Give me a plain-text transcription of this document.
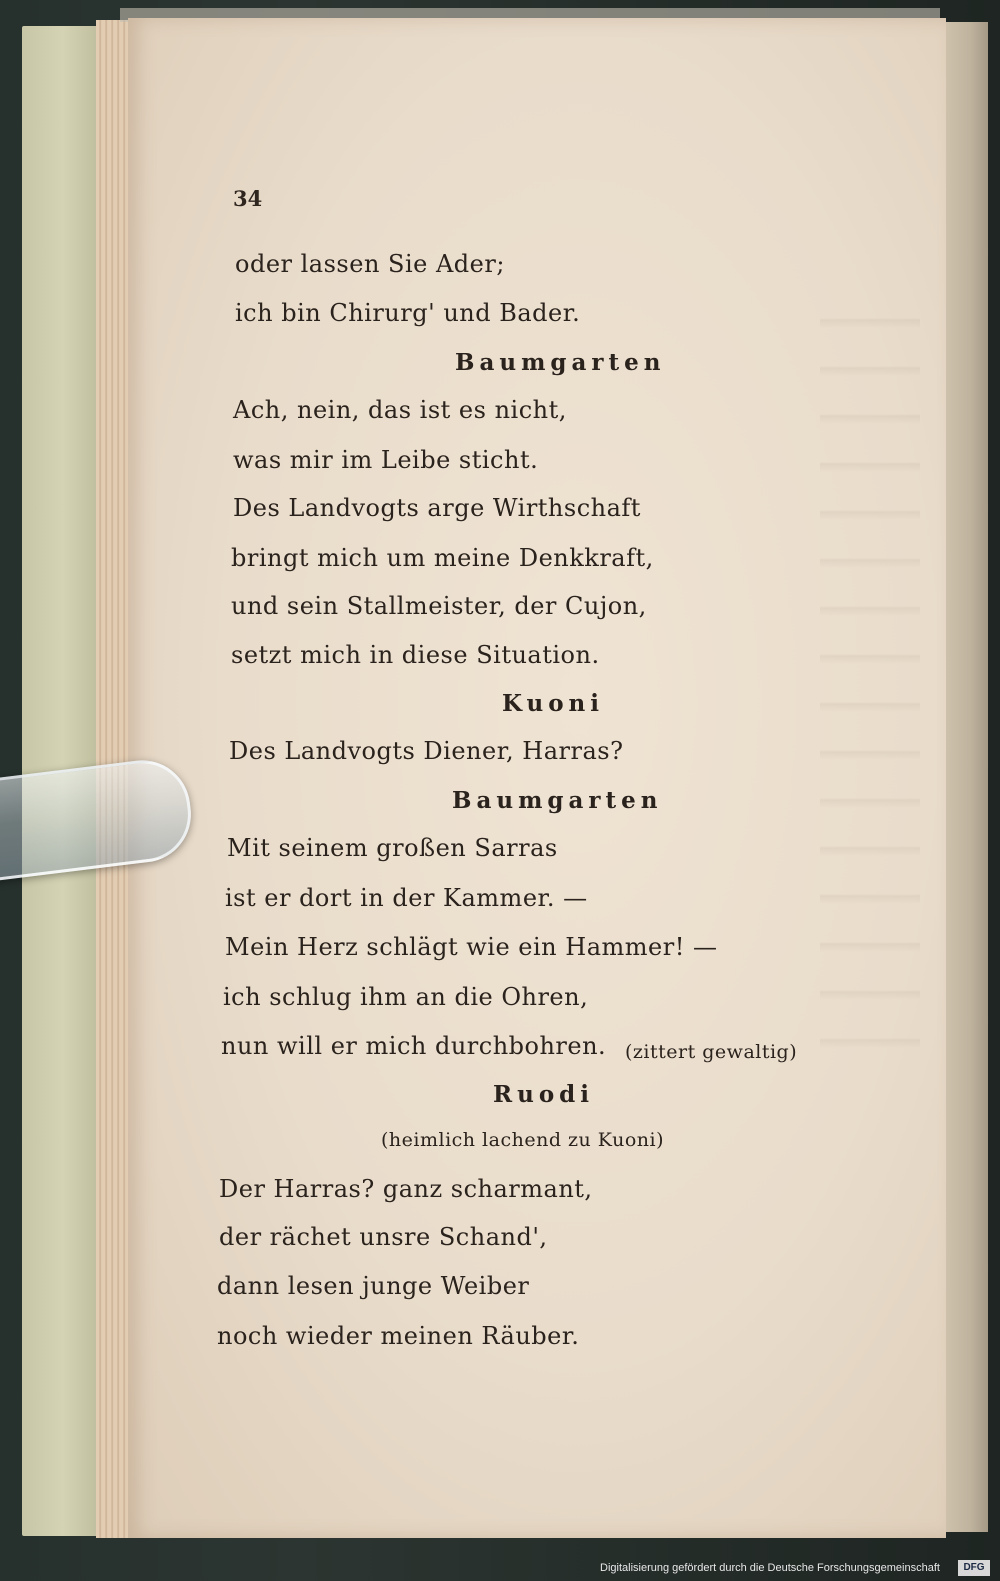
34
oder lassen Sie Ader;
ich bin Chirurg' und Bader.
Baumgarten
Ach, nein, das ist es nicht,
was mir im Leibe sticht.
Des Landvogts arge Wirthschaft
bringt mich um meine Denkkraft,
und sein Stallmeister, der Cujon,
setzt mich in diese Situation.
Kuoni
Des Landvogts Diener, Harras?
Baumgarten
Mit seinem großen Sarras
ist er dort in der Kammer. —
Mein Herz schlägt wie ein Hammer! —
ich schlug ihm an die Ohren,
nun will er mich durchbohren. (zittert gewaltig)
Ruodi
(heimlich lachend zu Kuoni)
Der Harras? ganz scharmant,
der rächet unsre Schand',
dann lesen junge Weiber
noch wieder meinen Räuber.
Digitalisierung gefördert durch die Deutsche Forschungsgemeinschaft	DFG
